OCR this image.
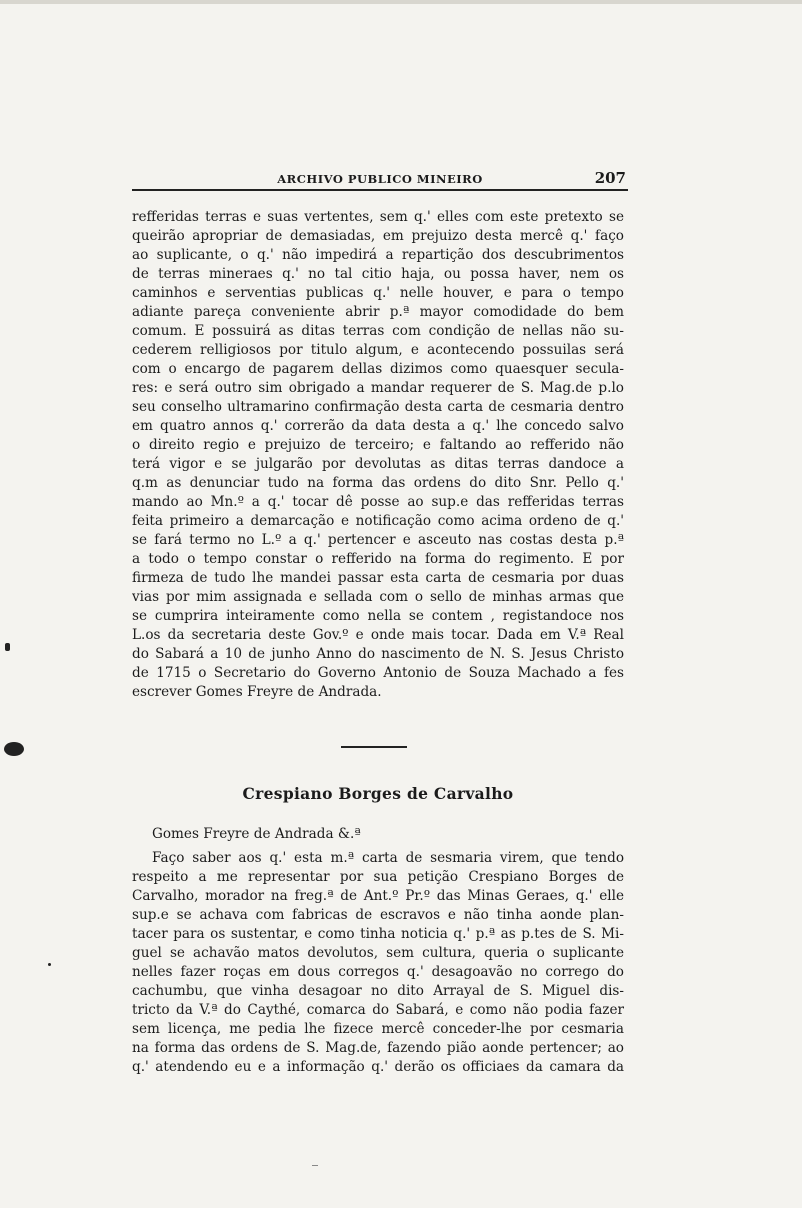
ARCHIVO PUBLICO MINEIRO	207
refferidas terras e suas vertentes, sem q.' elles com este pretexto se
queirão apropriar de demasiadas, em prejuizo desta mercê q.' faço
ao suplicante, o q.' não impedirá a repartição dos descubrimentos
de terras mineraes q.' no tal citio haja, ou possa haver, nem os
caminhos e serventias publicas q.' nelle houver, e para o tempo
adiante pareça conveniente abrir p.ª mayor comodidade do bem
comum. E possuirá as ditas terras com condição de nellas não su-
cederem relligiosos por titulo algum, e acontecendo possuilas será
com o encargo de pagarem dellas dizimos como quaesquer secula-
res: e será outro sim obrigado a mandar requerer de S. Mag.de p.lo
seu conselho ultramarino confirmação desta carta de cesmaria dentro
em quatro annos q.' correrão da data desta a q.' lhe concedo salvo
o direito regio e prejuizo de terceiro; e faltando ao refferido não
terá vigor e se julgarão por devolutas as ditas terras dandoce a
q.m as denunciar tudo na forma das ordens do dito Snr. Pello q.'
mando ao Mn.º a q.' tocar dê posse ao sup.e das refferidas terras
feita primeiro a demarcação e notificação como acima ordeno de q.'
se fará termo no L.º a q.' pertencer e asceuto nas costas desta p.ª
a todo o tempo constar o refferido na forma do regimento. E por
firmeza de tudo lhe mandei passar esta carta de cesmaria por duas
vias por mim assignada e sellada com o sello de minhas armas que
se cumprira inteiramente como nella se contem , registandoce nos
L.os da secretaria deste Gov.º e onde mais tocar. Dada em V.ª Real
do Sabará a 10 de junho Anno do nascimento de N. S. Jesus Christo
de 1715 o Secretario do Governo Antonio de Souza Machado a fes
escrever Gomes Freyre de Andrada.
Crespiano Borges de Carvalho
Gomes Freyre de Andrada &.ª
Faço saber aos q.' esta m.ª carta de sesmaria virem, que tendo
respeito a me representar por sua petição Crespiano Borges de
Carvalho, morador na freg.ª de Ant.º Pr.º das Minas Geraes, q.' elle
sup.e se achava com fabricas de escravos e não tinha aonde plan-
tacer para os sustentar, e como tinha noticia q.' p.ª as p.tes de S. Mi-
guel se achavão matos devolutos, sem cultura, queria o suplicante
nelles fazer roças em dous corregos q.' desagoavão no corrego do
cachumbu, que vinha desagoar no dito Arrayal de S. Miguel dis-
tricto da V.ª do Caythé, comarca do Sabará, e como não podia fazer
sem licença, me pedia lhe fizece mercê conceder-lhe por cesmaria
na forma das ordens de S. Mag.de, fazendo pião aonde pertencer; ao
q.' atendendo eu e a informação q.' derão os officiaes da camara da
